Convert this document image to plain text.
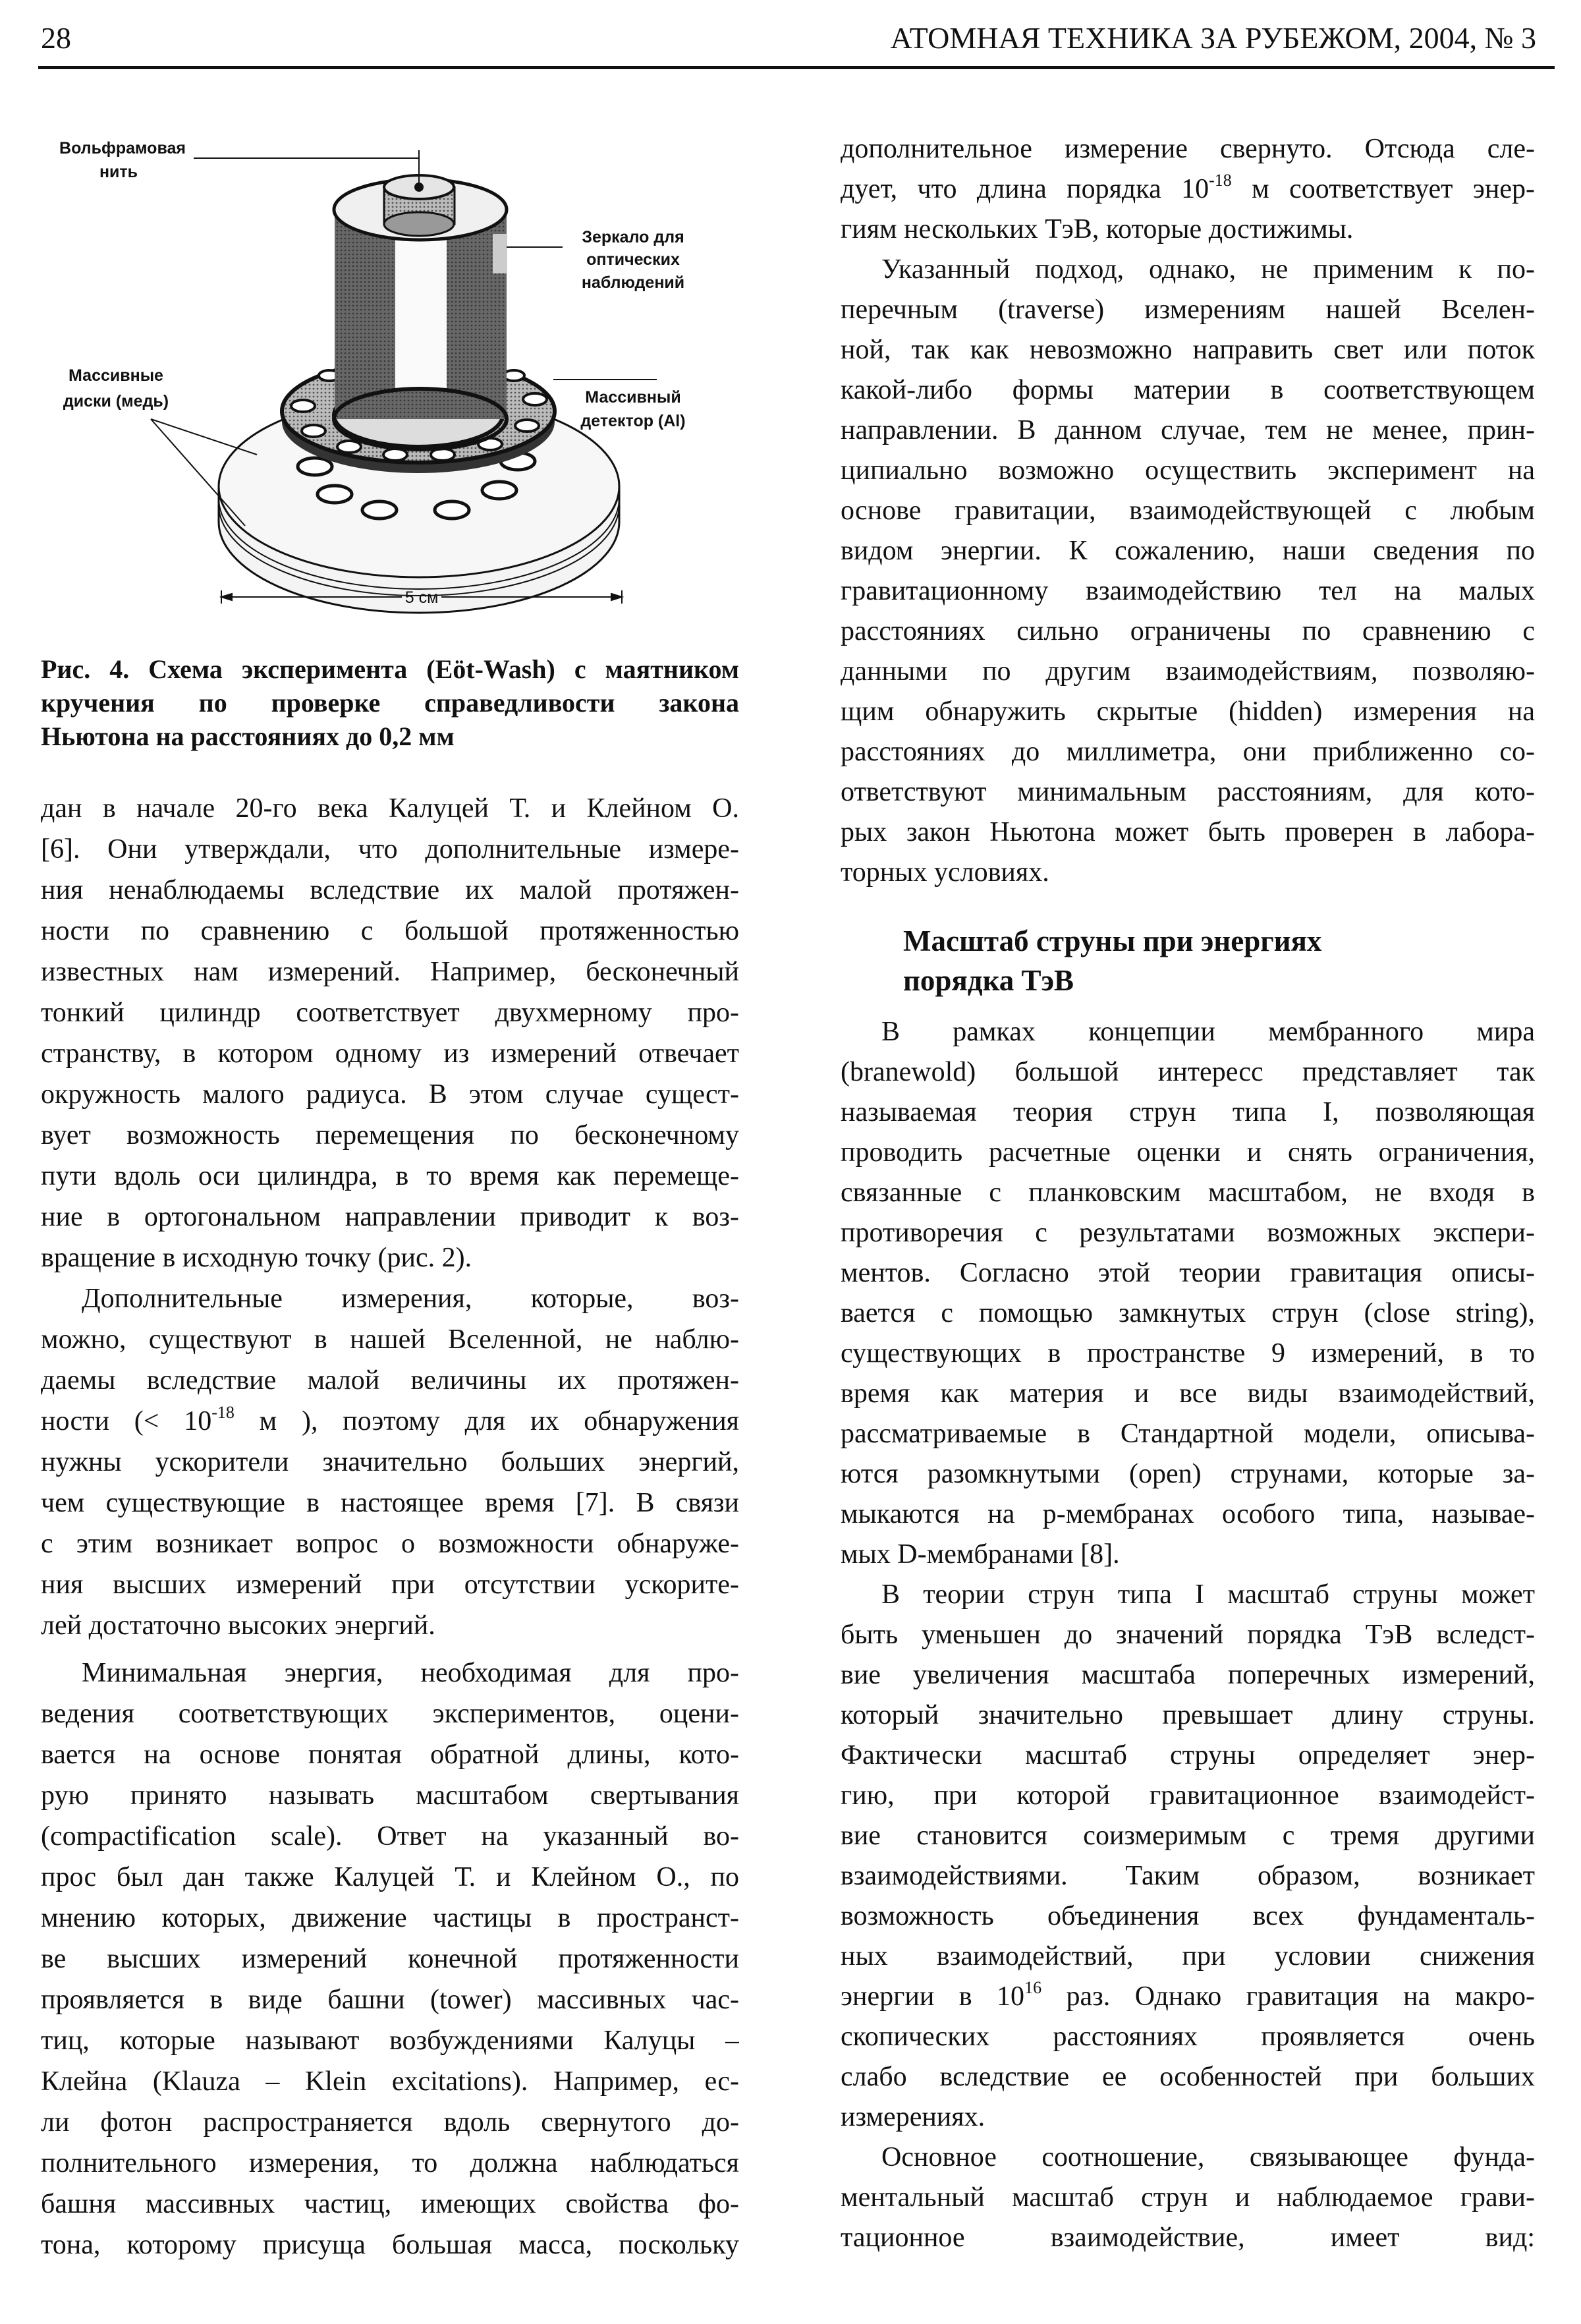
28	АТОМНАЯ ТЕХНИКА ЗА РУБЕЖОМ, 2004, № 3
5 см
Вольфрамовая
нить
Зеркало для
оптических
наблюдений
Массивные
диски (медь)	Массивный
детектор (Al)
Рис. 4. Схема эксперимента (Eöt-Wash) с маятником
кручения по проверке справедливости закона
Ньютона на расстояниях до 0,2 мм
дан в начале 20-го века Калуцей Т. и Клейном О.
[6]. Они утверждали, что дополнительные измере-
ния ненаблюдаемы вследствие их малой протяжен-
ности по сравнению с большой протяженностью
известных нам измерений. Например, бесконечный
тонкий цилиндр соответствует двухмерному про-
странству, в котором одному из измерений отвечает
окружность малого радиуса. В этом случае сущест-
вует возможность перемещения по бесконечному
пути вдоль оси цилиндра, в то время как перемеще-
ние в ортогональном направлении приводит к воз-
вращение в исходную точку (рис. 2).
Дополнительные измерения, которые, воз-
можно, существуют в нашей Вселенной, не наблю-
даемы вследствие малой величины их протяжен-
ности (< $10^{-18}$ м ), поэтому для их обнаружения
нужны ускорители значительно больших энергий,
чем существующие в настоящее время [7]. В связи
с этим возникает вопрос о возможности обнаруже-
ния высших измерений при отсутствии ускорите-
лей достаточно высоких энергий.
Минимальная энергия, необходимая для про-
ведения соответствующих экспериментов, оцени-
вается на основе понятая обратной длины, кото-
рую принято называть масштабом свертывания
(compactification scale). Ответ на указанный во-
прос был дан также Калуцей Т. и Клейном О., по
мнению которых, движение частицы в пространст-
ве высших измерений конечной протяженности
проявляется в виде башни (tower) массивных час-
тиц, которые называют возбуждениями Калуцы –
Клейна (Klauza – Klein excitations). Например, ес-
ли фотон распространяется вдоль свернутого до-
полнительного измерения, то должна наблюдаться
башня массивных частиц, имеющих свойства фо-
тона, которому присуща большая масса, поскольку
дополнительное измерение свернуто. Отсюда сле-
дует, что длина порядка $10^{-18}$ м соответствует энер-
гиям нескольких ТэВ, которые достижимы.
Указанный подход, однако, не применим к по-
перечным (traverse) измерениям нашей Вселен-
ной, так как невозможно направить свет или поток
какой-либо формы материи в соответствующем
направлении. В данном случае, тем не менее, прин-
ципиально возможно осуществить эксперимент на
основе гравитации, взаимодействующей с любым
видом энергии. К сожалению, наши сведения по
гравитационному взаимодействию тел на малых
расстояниях сильно ограничены по сравнению с
данными по другим взаимодействиям, позволяю-
щим обнаружить скрытые (hidden) измерения на
расстояниях до миллиметра, они приближенно со-
ответствуют минимальным расстояниям, для кото-
рых закон Ньютона может быть проверен в лабора-
торных условиях.
Масштаб струны при энергиях
порядка ТэВ
В рамках концепции мембранного мира
(branewold) большой интересс представляет так
называемая теория струн типа I, позволяющая
проводить расчетные оценки и снять ограничения,
связанные с планковским масштабом, не входя в
противоречия с результатами возможных экспери-
ментов. Согласно этой теории гравитация описы-
вается с помощью замкнутых струн (close string),
существующих в пространстве 9 измерений, в то
время как материя и все виды взаимодействий,
рассматриваемые в Стандартной модели, описыва-
ются разомкнутыми (open) струнами, которые за-
мыкаются на p-мембранах особого типа, называе-
мых D-мембранами [8].
В теории струн типа I масштаб струны может
быть уменьшен до значений порядка ТэВ вследст-
вие увеличения масштаба поперечных измерений,
который значительно превышает длину струны.
Фактически масштаб струны определяет энер-
гию, при которой гравитационное взаимодейст-
вие становится соизмеримым с тремя другими
взаимодействиями. Таким образом, возникает
возможность объединения всех фундаменталь-
ных взаимодействий, при условии снижения
энергии в $10^{16}$ раз. Однако гравитация на макро-
скопических расстояниях проявляется очень
слабо вследствие ее особенностей при больших
измерениях.
Основное соотношение, связывающее фунда-
ментальный масштаб струн и наблюдаемое грави-
тационное взаимодействие, имеет вид:
